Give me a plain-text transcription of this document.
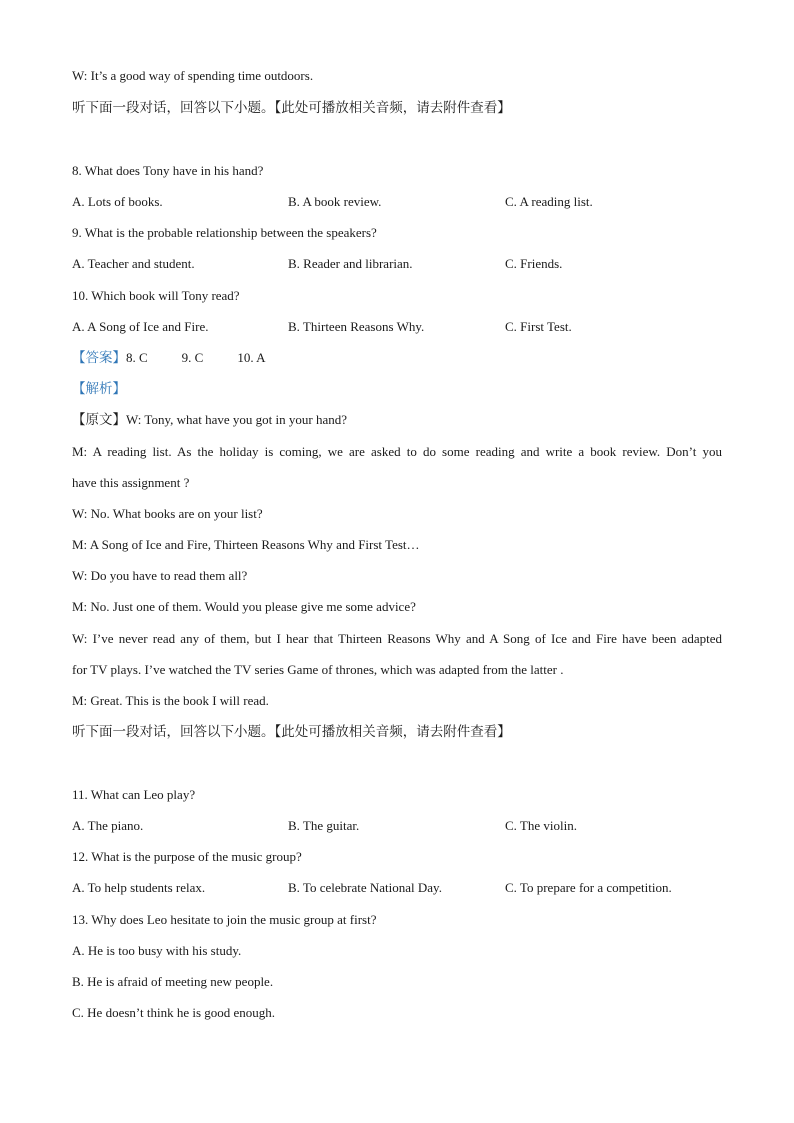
W: It’s a good way of spending time outdoors.
听下面一段对话，回答以下小题。【此处可播放相关音频，请去附件查看】
8. What does Tony have in his hand?
A. Lots of books.	B. A book review.	C. A reading list.
9. What is the probable relationship between the speakers?
A. Teacher and student.	B. Reader and librarian.	C. Friends.
10. Which book will Tony read?
A. A Song of Ice and Fire.	B. Thirteen Reasons Why.	C. First Test.
【答案】8. C	9. C	10. A
【解析】
【原文】W: Tony, what have you got in your hand?
M: A reading list. As the holiday is coming, we are asked to do some reading and write a book review. Don’t you
have this assignment ?
W: No. What books are on your list?
M: A Song of Ice and Fire, Thirteen Reasons Why and First Test…
W: Do you have to read them all?
M: No. Just one of them. Would you please give me some advice?
W: I’ve never read any of them, but I hear that Thirteen Reasons Why and A Song of Ice and Fire have been adapted
for TV plays. I’ve watched the TV series Game of thrones, which was adapted from the latter .
M: Great. This is the book I will read.
听下面一段对话，回答以下小题。【此处可播放相关音频，请去附件查看】
11. What can Leo play?
A. The piano.	B. The guitar.	C. The violin.
12. What is the purpose of the music group?
A. To help students relax.	B. To celebrate National Day.	C. To prepare for a competition.
13. Why does Leo hesitate to join the music group at first?
A. He is too busy with his study.
B. He is afraid of meeting new people.
C. He doesn’t think he is good enough.
